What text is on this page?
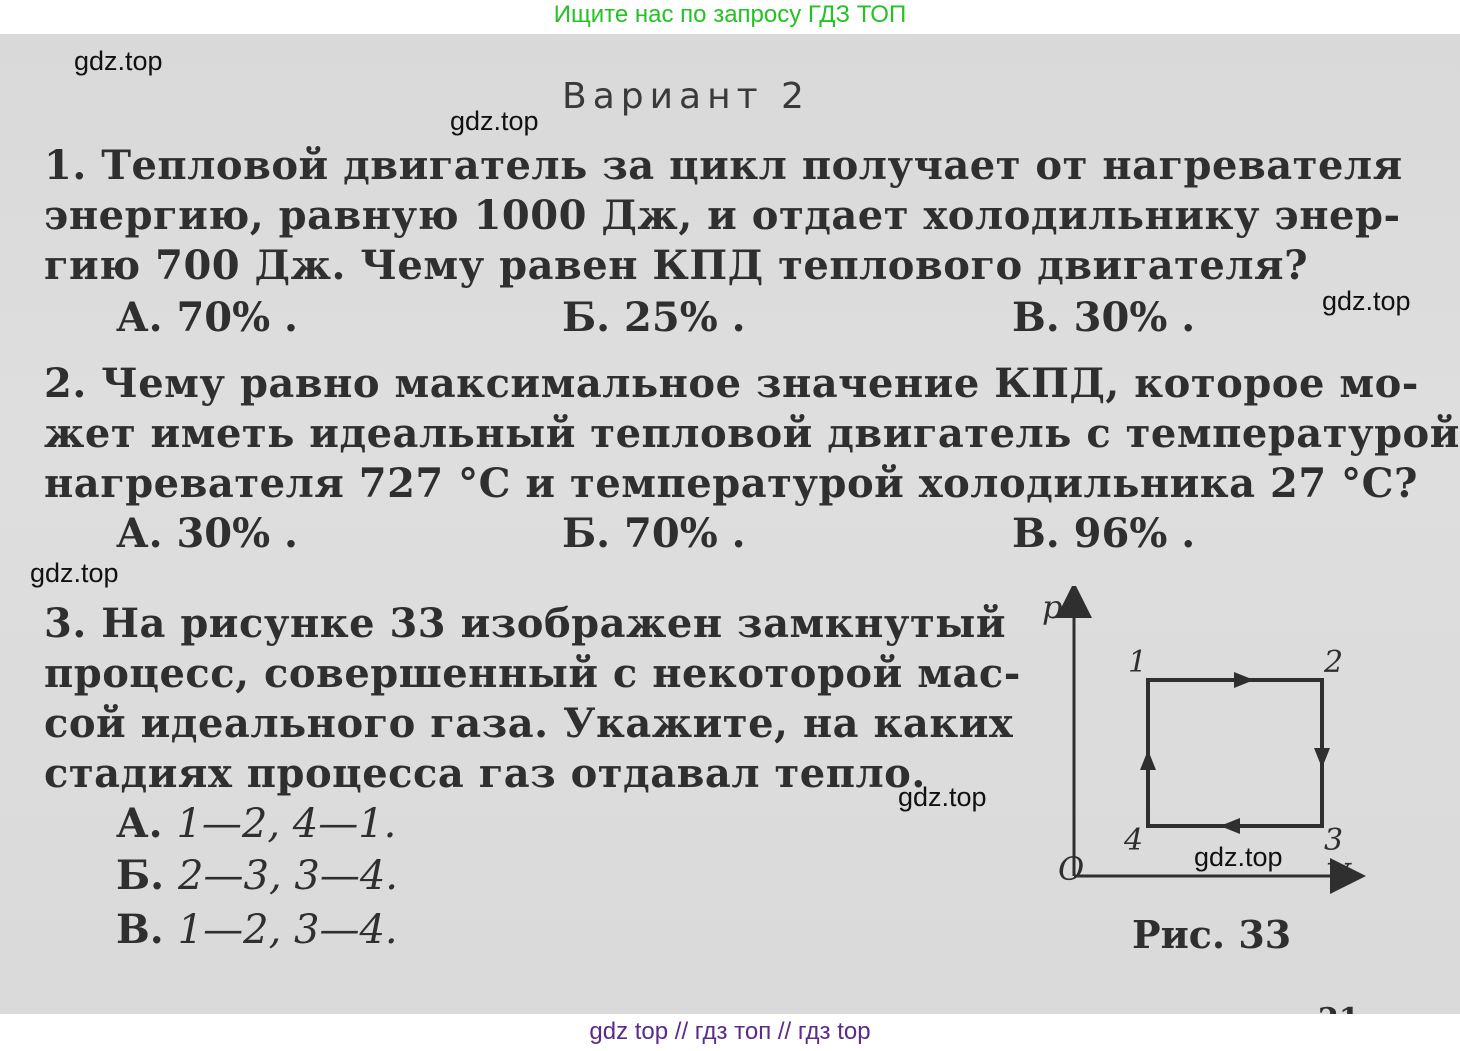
Ищите нас по запросу ГДЗ ТОП
Вариант 2
1. Тепловой двигатель за цикл получает от нагревателя
энергию, равную 1000 Дж, и отдает холодильнику энер-
гию 700 Дж. Чему равен КПД теплового двигателя?
А. 70% .	Б. 25% .	В. 30% .
2. Чему равно максимальное значение КПД, которое мо-
жет иметь идеальный тепловой двигатель с температурой
нагревателя 727 °С и температурой холодильника 27 °С?
А. 30% .	Б. 70% .	В. 96% .
3. На рисунке 33 изображен замкнутый
процесс, совершенный с некоторой мас-
сой идеального газа. Укажите, на каких
стадиях процесса газ отдавал тепло.
А. 1—2, 4—1.
Б. 2—3, 3—4.
В. 1—2, 3—4.
p
1	2
3
4
O	V
Рис. 33
gdz.top
gdz.top
gdz.top
gdz.top
gdz.top
gdz.top
gdz top // гдз топ // гдз top
